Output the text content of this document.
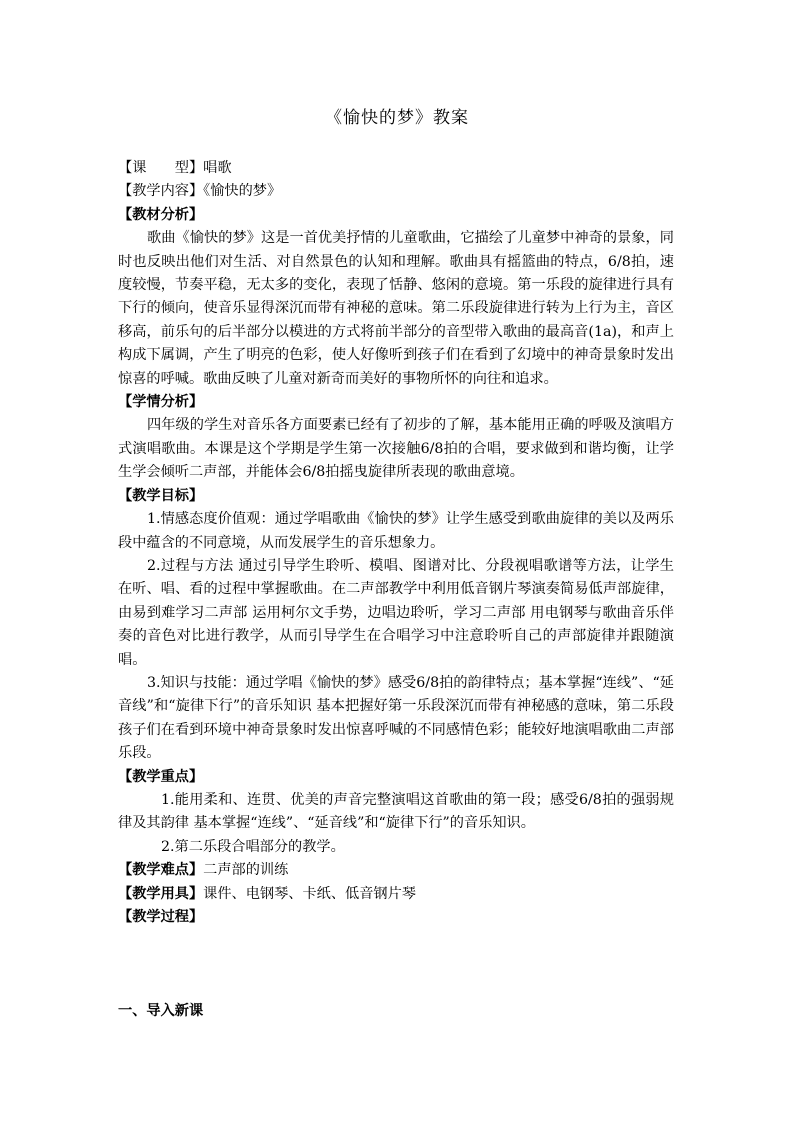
《愉快的梦》教案

【课　　型】唱歌

【教学内容】《愉快的梦》

【教材分析】

歌曲《愉快的梦》这是一首优美抒情的儿童歌曲，它描绘了儿童梦中神奇的景象，同时也反映出他们对生活、对自然景色的认知和理解。歌曲具有摇篮曲的特点，6/8拍，速度较慢，节奏平稳，无太多的变化，表现了恬静、悠闲的意境。第一乐段的旋律进行具有下行的倾向，使音乐显得深沉而带有神秘的意味。第二乐段旋律进行转为上行为主，音区移高，前乐句的后半部分以模进的方式将前半部分的音型带入歌曲的最高音(1a)，和声上构成下属调，产生了明亮的色彩，使人好像听到孩子们在看到了幻境中的神奇景象时发出惊喜的呼喊。歌曲反映了儿童对新奇而美好的事物所怀的向往和追求。

【学情分析】

四年级的学生对音乐各方面要素已经有了初步的了解，基本能用正确的呼吸及演唱方式演唱歌曲。本课是这个学期是学生第一次接触6/8拍的合唱，要求做到和谐均衡，让学生学会倾听二声部，并能体会6/8拍摇曳旋律所表现的歌曲意境。

【教学目标】

1.情感态度价值观：通过学唱歌曲《愉快的梦》让学生感受到歌曲旋律的美以及两乐段中蕴含的不同意境，从而发展学生的音乐想象力。

2.过程与方法 通过引导学生聆听、模唱、图谱对比、分段视唱歌谱等方法，让学生在听、唱、看的过程中掌握歌曲。在二声部教学中利用低音钢片琴演奏简易低声部旋律，由易到难学习二声部 运用柯尔文手势，边唱边聆听，学习二声部 用电钢琴与歌曲音乐伴奏的音色对比进行教学，从而引导学生在合唱学习中注意聆听自己的声部旋律并跟随演唱。

3.知识与技能：通过学唱《愉快的梦》感受6/8拍的韵律特点；基本掌握“连线”、“延音线”和“旋律下行”的音乐知识 基本把握好第一乐段深沉而带有神秘感的意味，第二乐段孩子们在看到环境中神奇景象时发出惊喜呼喊的不同感情色彩；能较好地演唱歌曲二声部乐段。

【教学重点】

1.能用柔和、连贯、优美的声音完整演唱这首歌曲的第一段；感受6/8拍的强弱规律及其韵律 基本掌握“连线”、“延音线”和“旋律下行”的音乐知识。

2.第二乐段合唱部分的教学。

【教学难点】二声部的训练

【教学用具】课件、电钢琴、卡纸、低音钢片琴

【教学过程】

一、导入新课
